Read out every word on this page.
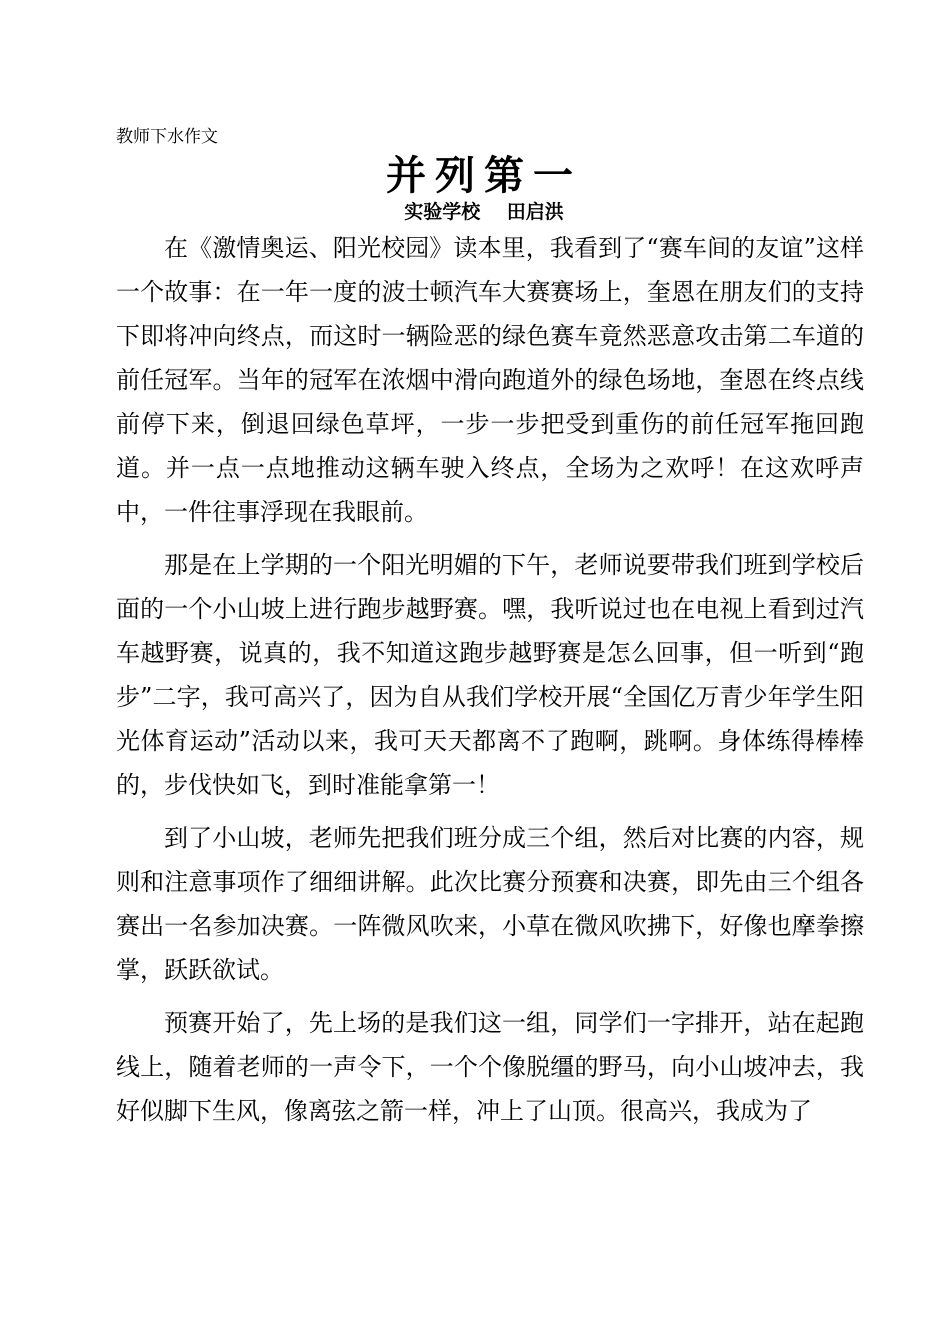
教师下水作文
并列第一
实验学校    田启洪

在《激情奥运、阳光校园》读本里，我看到了“赛车间的友谊”这样一个故事：在一年一度的波士顿汽车大赛赛场上，奎恩在朋友们的支持下即将冲向终点，而这时一辆险恶的绿色赛车竟然恶意攻击第二车道的前任冠军。当年的冠军在浓烟中滑向跑道外的绿色场地，奎恩在终点线前停下来，倒退回绿色草坪，一步一步把受到重伤的前任冠军拖回跑道。并一点一点地推动这辆车驶入终点，全场为之欢呼！在这欢呼声中，一件往事浮现在我眼前。

那是在上学期的一个阳光明媚的下午，老师说要带我们班到学校后面的一个小山坡上进行跑步越野赛。嘿，我听说过也在电视上看到过汽车越野赛，说真的，我不知道这跑步越野赛是怎么回事，但一听到“跑步”二字，我可高兴了，因为自从我们学校开展“全国亿万青少年学生阳光体育运动”活动以来，我可天天都离不了跑啊，跳啊。身体练得棒棒的，步伐快如飞，到时准能拿第一！

到了小山坡，老师先把我们班分成三个组，然后对比赛的内容，规则和注意事项作了细细讲解。此次比赛分预赛和决赛，即先由三个组各赛出一名参加决赛。一阵微风吹来，小草在微风吹拂下，好像也摩拳擦掌，跃跃欲试。

预赛开始了，先上场的是我们这一组，同学们一字排开，站在起跑线上，随着老师的一声令下，一个个像脱缰的野马，向小山坡冲去，我好似脚下生风，像离弦之箭一样，冲上了山顶。很高兴，我成为了
